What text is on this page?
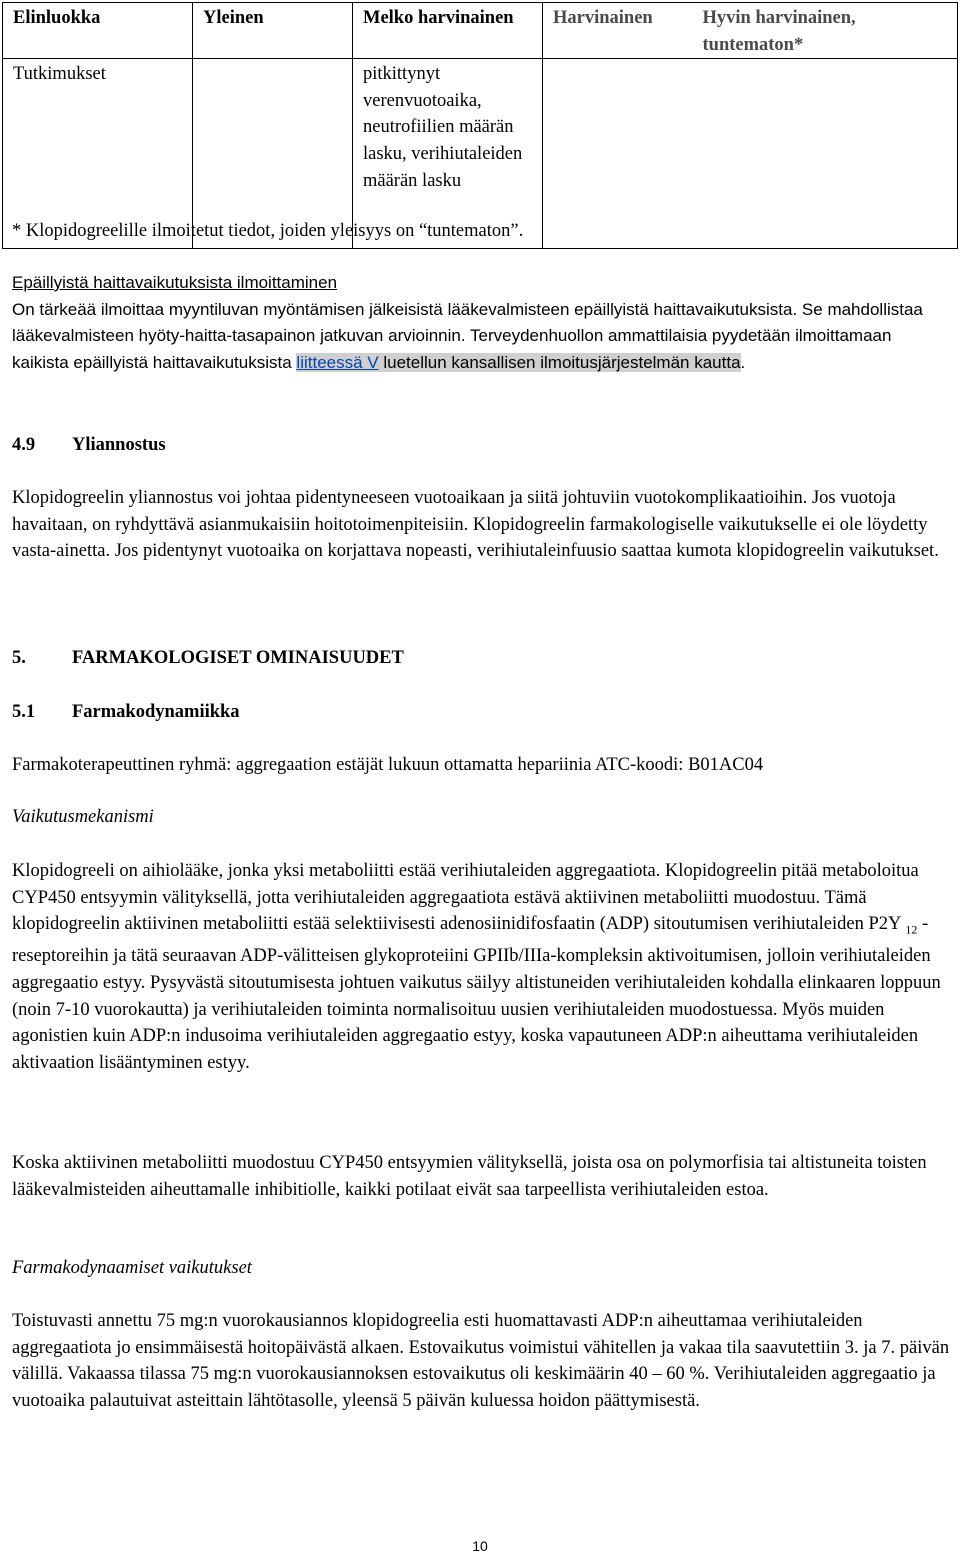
Elinluokka	Yleinen	Melko harvinainen	Harvinainen	Hyvin harvinainen, tuntematon*
Tutkimukset		pitkittynyt verenvuotoaika, neutrofiilien määrän lasku, verihiutaleiden määrän lasku		
* Klopidogreelille ilmoitetut tiedot, joiden yleisyys on “tuntematon”.
Epäillyistä haittavaikutuksista ilmoittaminen
On tärkeää ilmoittaa myyntiluvan myöntämisen jälkeisistä lääkevalmisteen epäillyistä haittavaikutuksista. Se mahdollistaa lääkevalmisteen hyöty-haitta-tasapainon jatkuvan arvioinnin. Terveydenhuollon ammattilaisia pyydetään ilmoittamaan kaikista epäillyistä haittavaikutuksista liitteessä V luetellun kansallisen ilmoitusjärjestelmän kautta.
4.9 Yliannostus
Klopidogreelin yliannostus voi johtaa pidentyneeseen vuotoaikaan ja siitä johtuviin vuotokomplikaatioihin. Jos vuotoja havaitaan, on ryhdyttävä asianmukaisiin hoitotoimenpiteisiin. Klopidogreelin farmakologiselle vaikutukselle ei ole löydetty vasta-ainetta. Jos pidentynyt vuotoaika on korjattava nopeasti, verihiutaleinfuusio saattaa kumota klopidogreelin vaikutukset.
5. FARMAKOLOGISET OMINAISUUDET
5.1 Farmakodynamiikka
Farmakoterapeuttinen ryhmä: aggregaation estäjät lukuun ottamatta hepariinia ATC-koodi: B01AC04
Vaikutusmekanismi
Klopidogreeli on aihiolääke, jonka yksi metaboliitti estää verihiutaleiden aggregaatiota. Klopidogreelin pitää metaboloitua CYP450 entsyymin välityksellä, jotta verihiutaleiden aggregaatiota estävä aktiivinen metaboliitti muodostuu. Tämä klopidogreelin aktiivinen metaboliitti estää selektiivisesti adenosiinidifosfaatin (ADP) sitoutumisen verihiutaleiden P2Y $_{12}$ -reseptoreihin ja tätä seuraavan ADP-välitteisen glykoproteiini GPIIb/IIIa-kompleksin aktivoitumisen, jolloin verihiutaleiden aggregaatio estyy. Pysyvästä sitoutumisesta johtuen vaikutus säilyy altistuneiden verihiutaleiden kohdalla elinkaaren loppuun (noin 7-10 vuorokautta) ja verihiutaleiden toiminta normalisoituu uusien verihiutaleiden muodostuessa. Myös muiden agonistien kuin ADP:n indusoima verihiutaleiden aggregaatio estyy, koska vapautuneen ADP:n aiheuttama verihiutaleiden aktivaation lisääntyminen estyy.
Koska aktiivinen metaboliitti muodostuu CYP450 entsyymien välityksellä, joista osa on polymorfisia tai altistuneita toisten lääkevalmisteiden aiheuttamalle inhibitiolle, kaikki potilaat eivät saa tarpeellista verihiutaleiden estoa.
Farmakodynaamiset vaikutukset
Toistuvasti annettu 75 mg:n vuorokausiannos klopidogreelia esti huomattavasti ADP:n aiheuttamaa verihiutaleiden aggregaatiota jo ensimmäisestä hoitopäivästä alkaen. Estovaikutus voimistui vähitellen ja vakaa tila saavutettiin 3. ja 7. päivän välillä. Vakaassa tilassa 75 mg:n vuorokausiannoksen estovaikutus oli keskimäärin 40 – 60 %. Verihiutaleiden aggregaatio ja vuotoaika palautuivat asteittain lähtötasolle, yleensä 5 päivän kuluessa hoidon päättymisestä.
10
